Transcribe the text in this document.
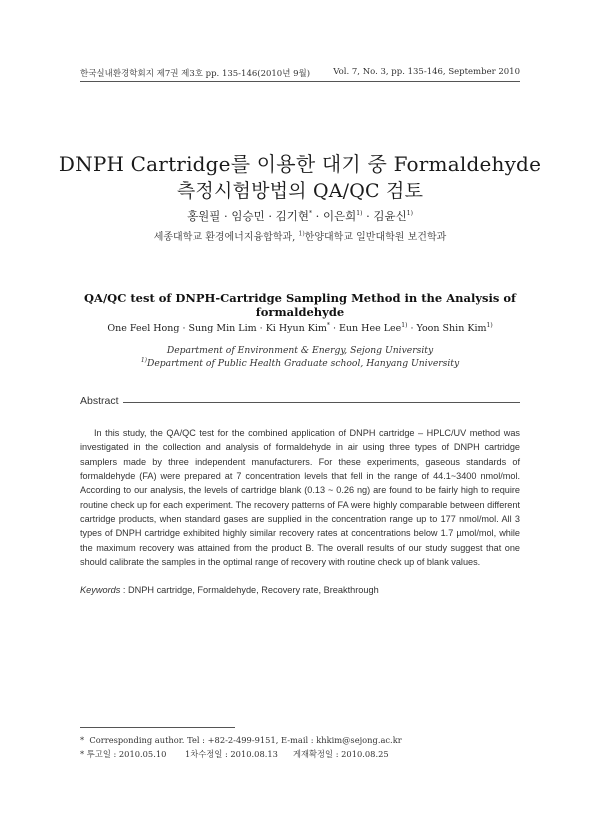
한국실내환경학회지 제7권 제3호 pp. 135-146(2010년 9월)	Vol. 7, No. 3, pp. 135-146, September 2010
DNPH Cartridge를 이용한 대기 중 Formaldehyde
측정시험방법의 QA/QC 검토
홍원필 · 임승민 · 김기현* · 이은희$^{1)}$ · 김윤신$^{1)}$
세종대학교 환경에너지융합학과, $^{1)}$한양대학교 일반대학원 보건학과
QA/QC test of DNPH-Cartridge Sampling Method in the Analysis of formaldehyde
One Feel Hong · Sung Min Lim · Ki Hyun Kim* · Eun Hee Lee$^{1)}$ · Yoon Shin Kim$^{1)}$
Department of Environment & Energy, Sejong University
$^{1)}$Department of Public Health Graduate school, Hanyang University
Abstract

In this study, the QA/QC test for the combined application of DNPH cartridge – HPLC/UV method was investigated in the collection and analysis of formaldehyde in air using three types of DNPH cartridge samplers made by three independent manufacturers. For these experiments, gaseous standards of formaldehyde (FA) were prepared at 7 concentration levels that fell in the range of 44.1~3400 nmol/mol. According to our analysis, the levels of cartridge blank (0.13 ~ 0.26 ng) are found to be fairly high to require routine check up for each experiment. The recovery patterns of FA were highly comparable between different cartridge products, when standard gases are supplied in the concentration range up to 177 nmol/mol. All 3 types of DNPH cartridge exhibited highly similar recovery rates at concentrations below 1.7 µmol/mol, while the maximum recovery was attained from the product B. The overall results of our study suggest that one should calibrate the samples in the optimal range of recovery with routine check up of blank values.

Keywords : DNPH cartridge, Formaldehyde, Recovery rate, Breakthrough
*  Corresponding author. Tel : +82-2-499-9151, E-mail : khkim@sejong.ac.kr

* 투고일 : 2010.05.10

1차수정일 : 2010.08.13

게재확정일 : 2010.08.25
